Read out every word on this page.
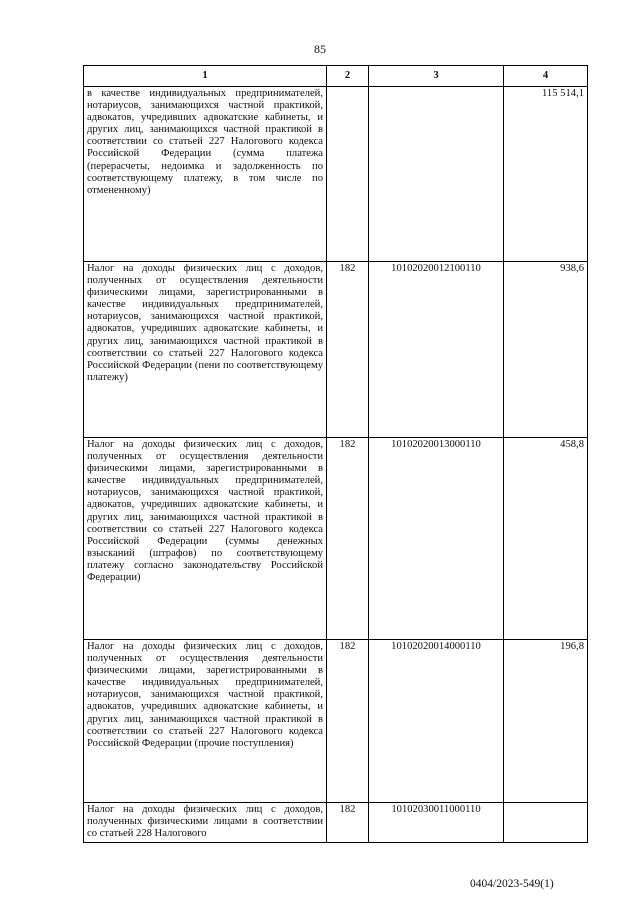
85
1	2	3	4
в качестве индивидуальных предпринимателей, нотариусов, занимающихся частной практикой, адвокатов, учредивших адвокатские кабинеты, и других лиц, занимающихся частной практикой в соответствии со статьей 227 Налогового кодекса Российской Федерации (сумма платежа (перерасчеты, недоимка и задолженность по соответствующему платежу, в том числе по отмененному)			115 514,1
Налог на доходы физических лиц с доходов, полученных от осуществления деятельности физическими лицами, зарегистрированными в качестве индивидуальных предпринимателей, нотариусов, занимающихся частной практикой, адвокатов, учредивших адвокатские кабинеты, и других лиц, занимающихся частной практикой в соответствии со статьей 227 Налогового кодекса Российской Федерации (пени по соответствующему платежу)	182	10102020012100110	938,6
Налог на доходы физических лиц с доходов, полученных от осуществления деятельности физическими лицами, зарегистрированными в качестве индивидуальных предпринимателей, нотариусов, занимающихся частной практикой, адвокатов, учредивших адвокатские кабинеты, и других лиц, занимающихся частной практикой в соответствии со статьей 227 Налогового кодекса Российской Федерации (суммы денежных взысканий (штрафов) по соответствующему платежу согласно законодательству Российской Федерации)	182	10102020013000110	458,8
Налог на доходы физических лиц с доходов, полученных от осуществления деятельности физическими лицами, зарегистрированными в качестве индивидуальных предпринимателей, нотариусов, занимающихся частной практикой, адвокатов, учредивших адвокатские кабинеты, и других лиц, занимающихся частной практикой в соответствии со статьей 227 Налогового кодекса Российской Федерации (прочие поступления)	182	10102020014000110	196,8
Налог на доходы физических лиц с доходов, полученных физическими лицами в соответствии со статьей 228 Налогового	182	10102030011000110	
0404/2023-549(1)
